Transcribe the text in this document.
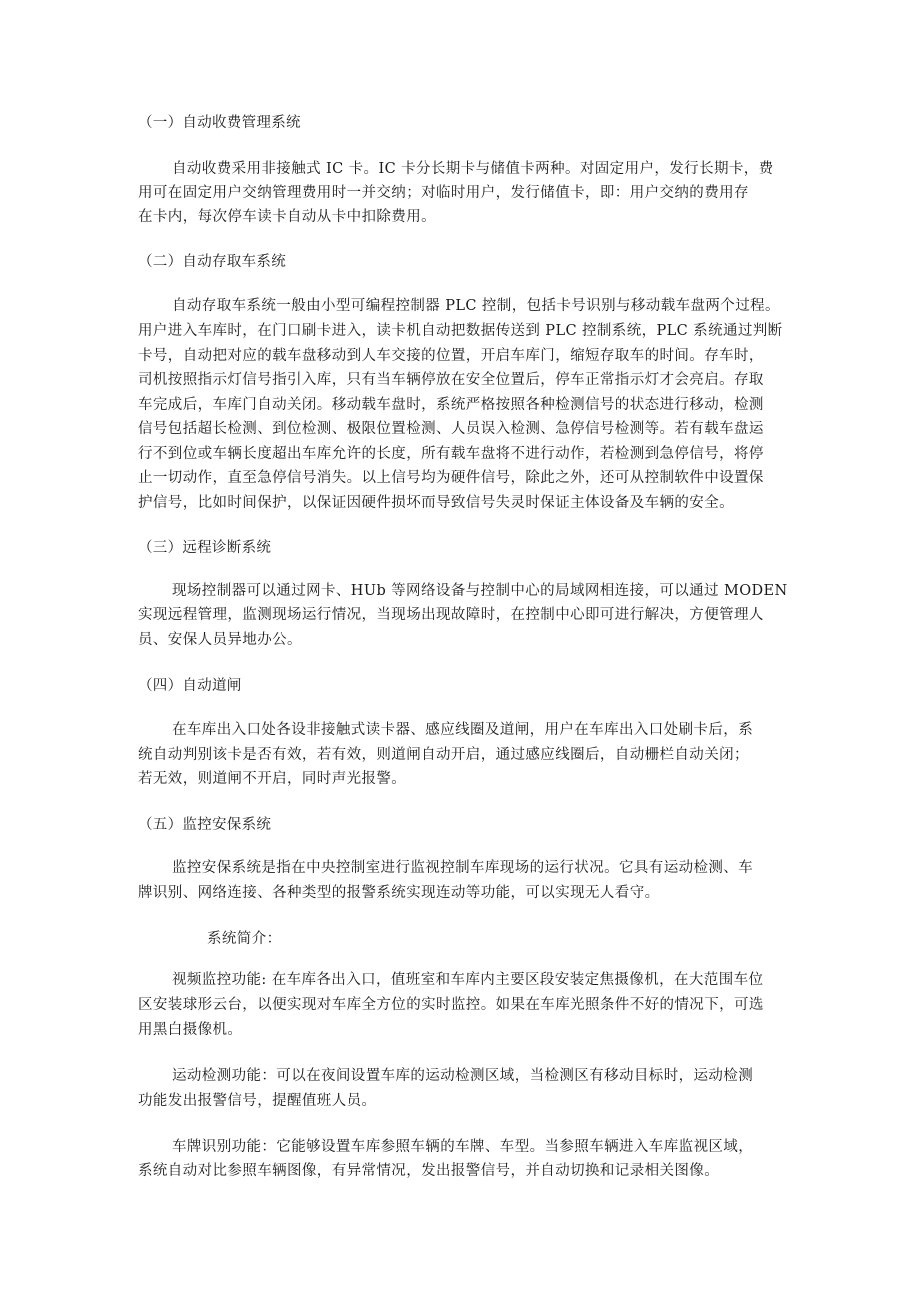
（一）自动收费管理系统
自动收费采用非接触式 IC 卡。IC 卡分长期卡与储值卡两种。对固定用户，发行长期卡，费
用可在固定用户交纳管理费用时一并交纳；对临时用户，发行储值卡，即：用户交纳的费用存
在卡内，每次停车读卡自动从卡中扣除费用。
（二）自动存取车系统
自动存取车系统一般由小型可编程控制器 PLC 控制，包括卡号识别与移动载车盘两个过程。
用户进入车库时，在门口刷卡进入，读卡机自动把数据传送到 PLC 控制系统，PLC 系统通过判断
卡号，自动把对应的载车盘移动到人车交接的位置，开启车库门，缩短存取车的时间。存车时，
司机按照指示灯信号指引入库，只有当车辆停放在安全位置后，停车正常指示灯才会亮启。存取
车完成后，车库门自动关闭。移动载车盘时，系统严格按照各种检测信号的状态进行移动，检测
信号包括超长检测、到位检测、极限位置检测、人员误入检测、急停信号检测等。若有载车盘运
行不到位或车辆长度超出车库允许的长度，所有载车盘将不进行动作，若检测到急停信号，将停
止一切动作，直至急停信号消失。以上信号均为硬件信号，除此之外，还可从控制软件中设置保
护信号，比如时间保护，以保证因硬件损坏而导致信号失灵时保证主体设备及车辆的安全。
（三）远程诊断系统
现场控制器可以通过网卡、HUb 等网络设备与控制中心的局域网相连接，可以通过 MODEN
实现远程管理，监测现场运行情况，当现场出现故障时，在控制中心即可进行解决，方便管理人
员、安保人员异地办公。
（四）自动道闸
在车库出入口处各设非接触式读卡器、感应线圈及道闸，用户在车库出入口处刷卡后，系
统自动判别该卡是否有效，若有效，则道闸自动开启，通过感应线圈后，自动栅栏自动关闭；
若无效，则道闸不开启，同时声光报警。
（五）监控安保系统
监控安保系统是指在中央控制室进行监视控制车库现场的运行状况。它具有运动检测、车
牌识别、网络连接、各种类型的报警系统实现连动等功能，可以实现无人看守。
系统简介：
视频监控功能: 在车库各出入口，值班室和车库内主要区段安装定焦摄像机，在大范围车位
区安装球形云台，以便实现对车库全方位的实时监控。如果在车库光照条件不好的情况下，可选
用黑白摄像机。
运动检测功能：可以在夜间设置车库的运动检测区域，当检测区有移动目标时，运动检测
功能发出报警信号，提醒值班人员。
车牌识别功能：它能够设置车库参照车辆的车牌、车型。当参照车辆进入车库监视区域，
系统自动对比参照车辆图像，有异常情况，发出报警信号，并自动切换和记录相关图像。
